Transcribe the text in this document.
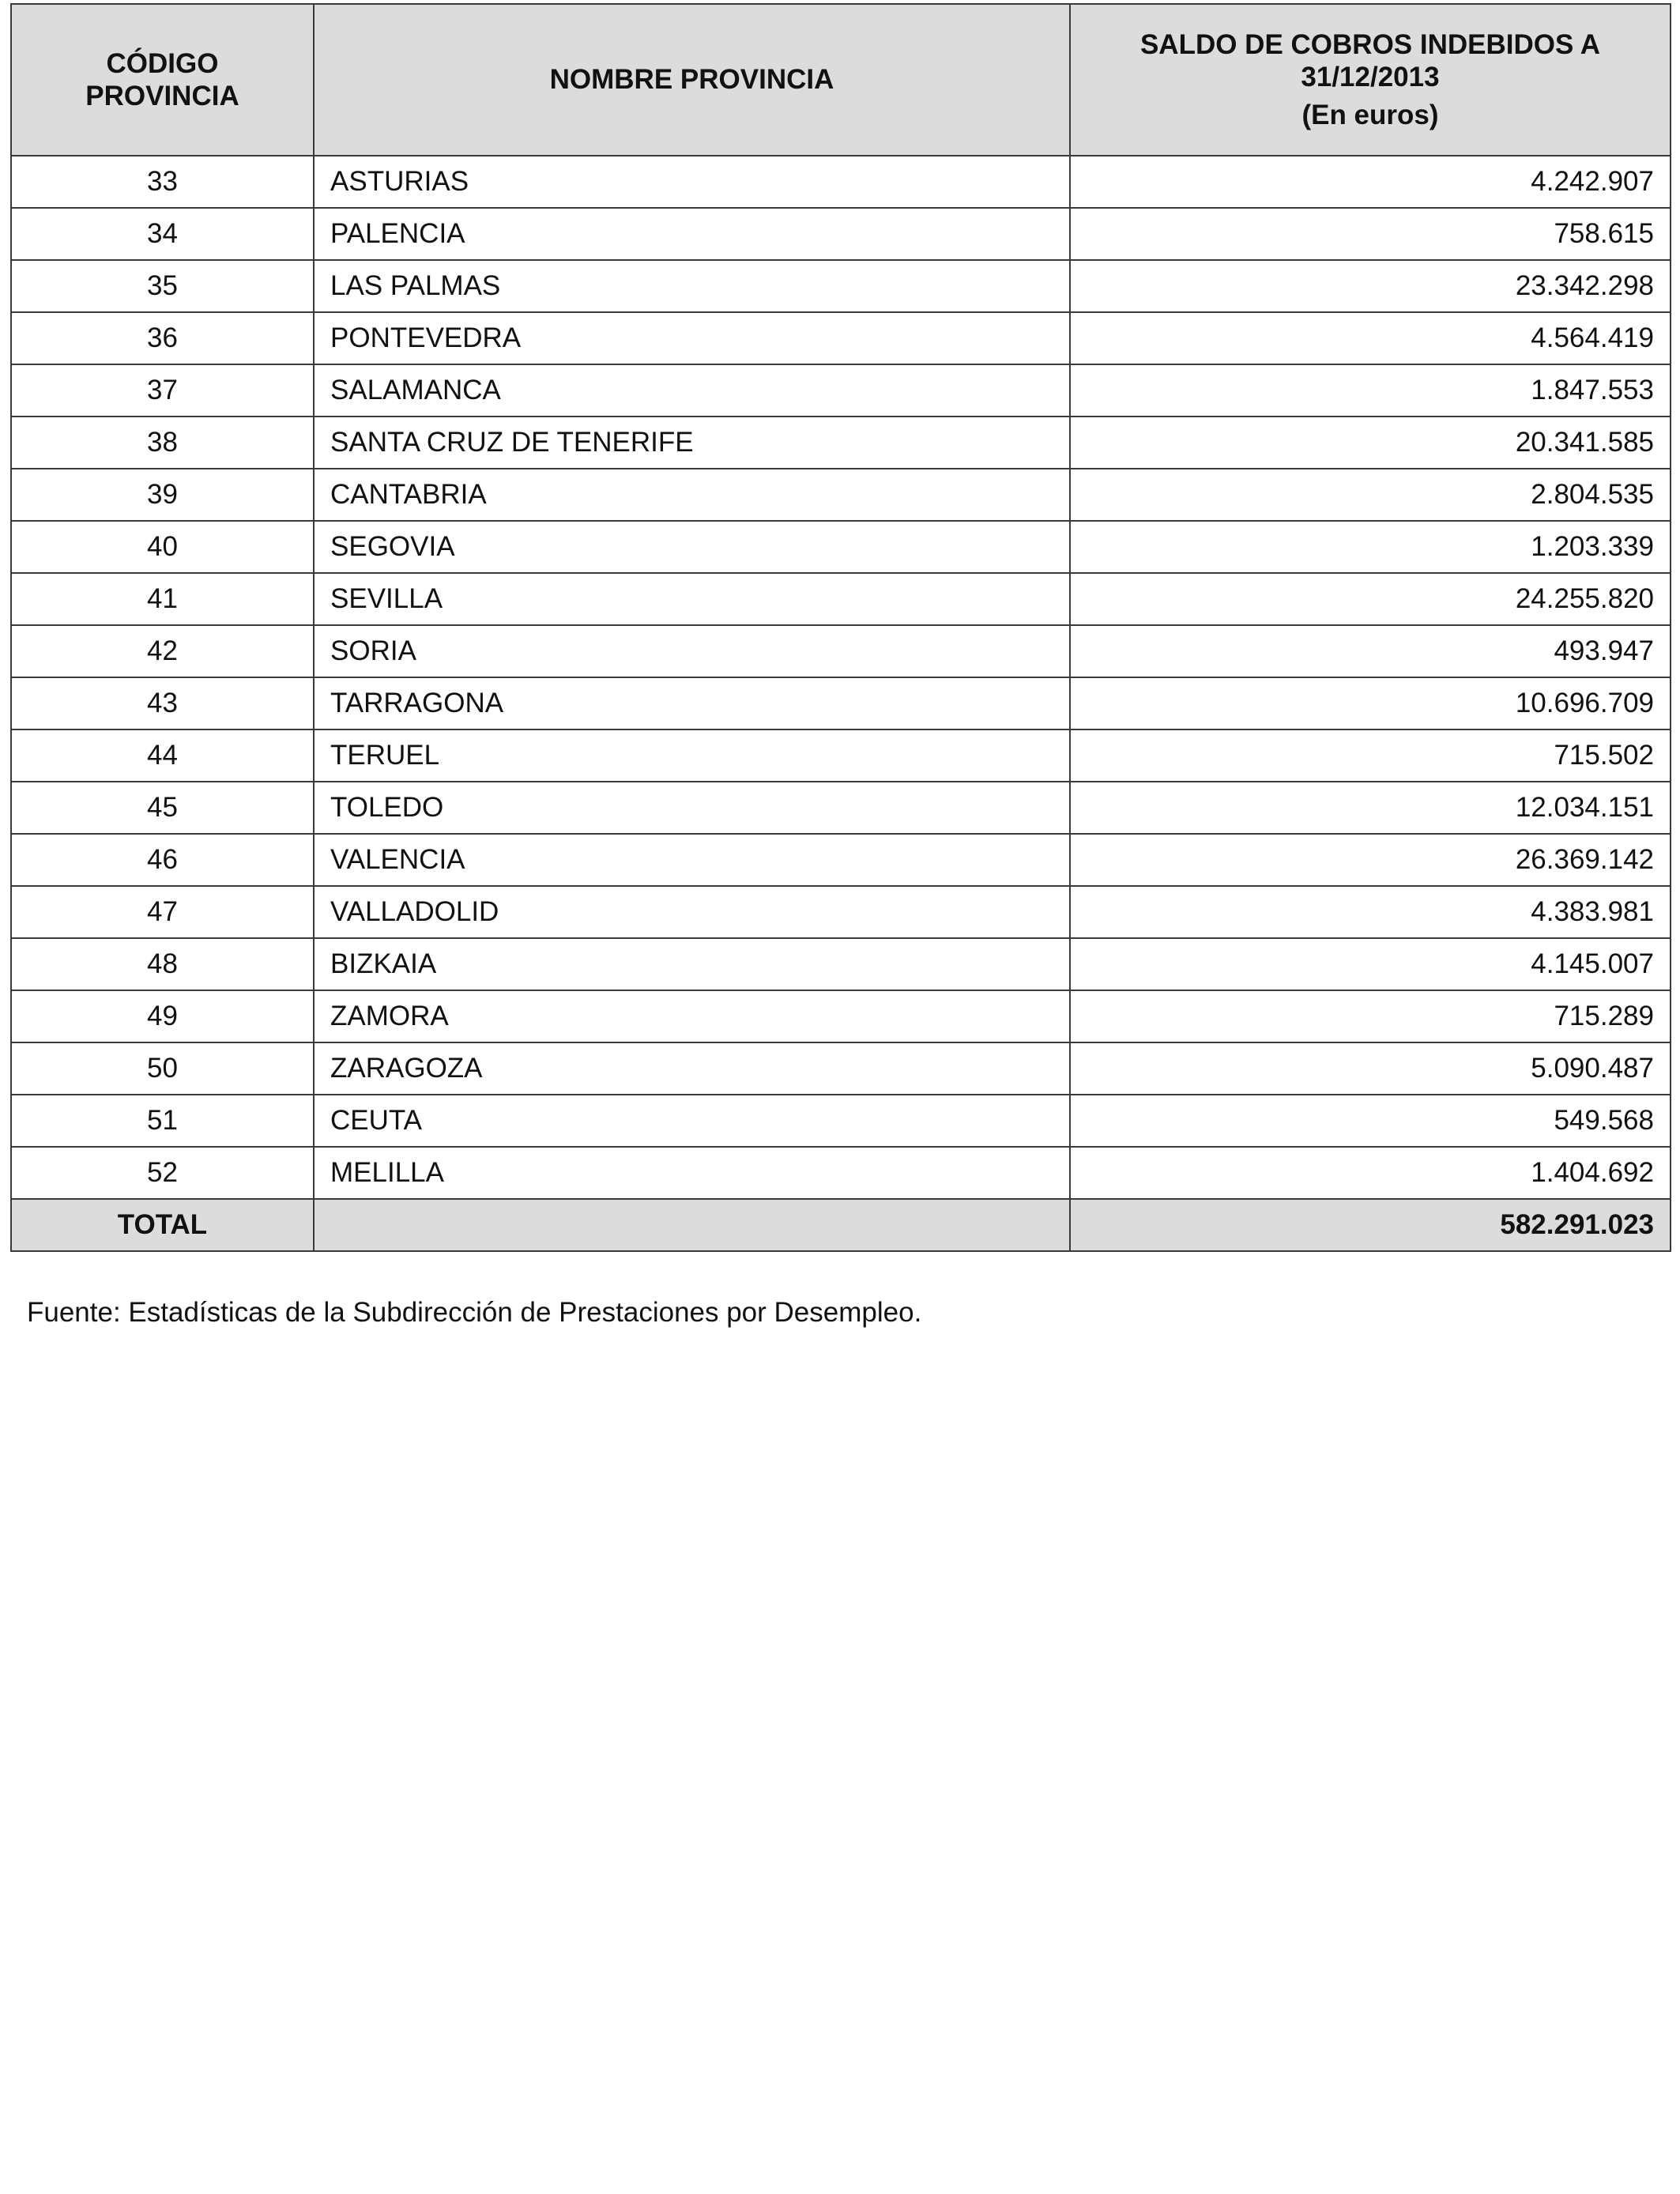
CÓDIGO
PROVINCIA	NOMBRE PROVINCIA	SALDO DE COBROS INDEBIDOS A
31/12/2013
(En euros)

33	ASTURIAS	4.242.907
34	PALENCIA	758.615
35	LAS PALMAS	23.342.298
36	PONTEVEDRA	4.564.419
37	SALAMANCA	1.847.553
38	SANTA CRUZ DE TENERIFE	20.341.585
39	CANTABRIA	2.804.535
40	SEGOVIA	1.203.339
41	SEVILLA	24.255.820
42	SORIA	493.947
43	TARRAGONA	10.696.709
44	TERUEL	715.502
45	TOLEDO	12.034.151
46	VALENCIA	26.369.142
47	VALLADOLID	4.383.981
48	BIZKAIA	4.145.007
49	ZAMORA	715.289
50	ZARAGOZA	5.090.487
51	CEUTA	549.568
52	MELILLA	1.404.692
TOTAL		582.291.023
Fuente: Estadísticas de la Subdirección de Prestaciones por Desempleo.
